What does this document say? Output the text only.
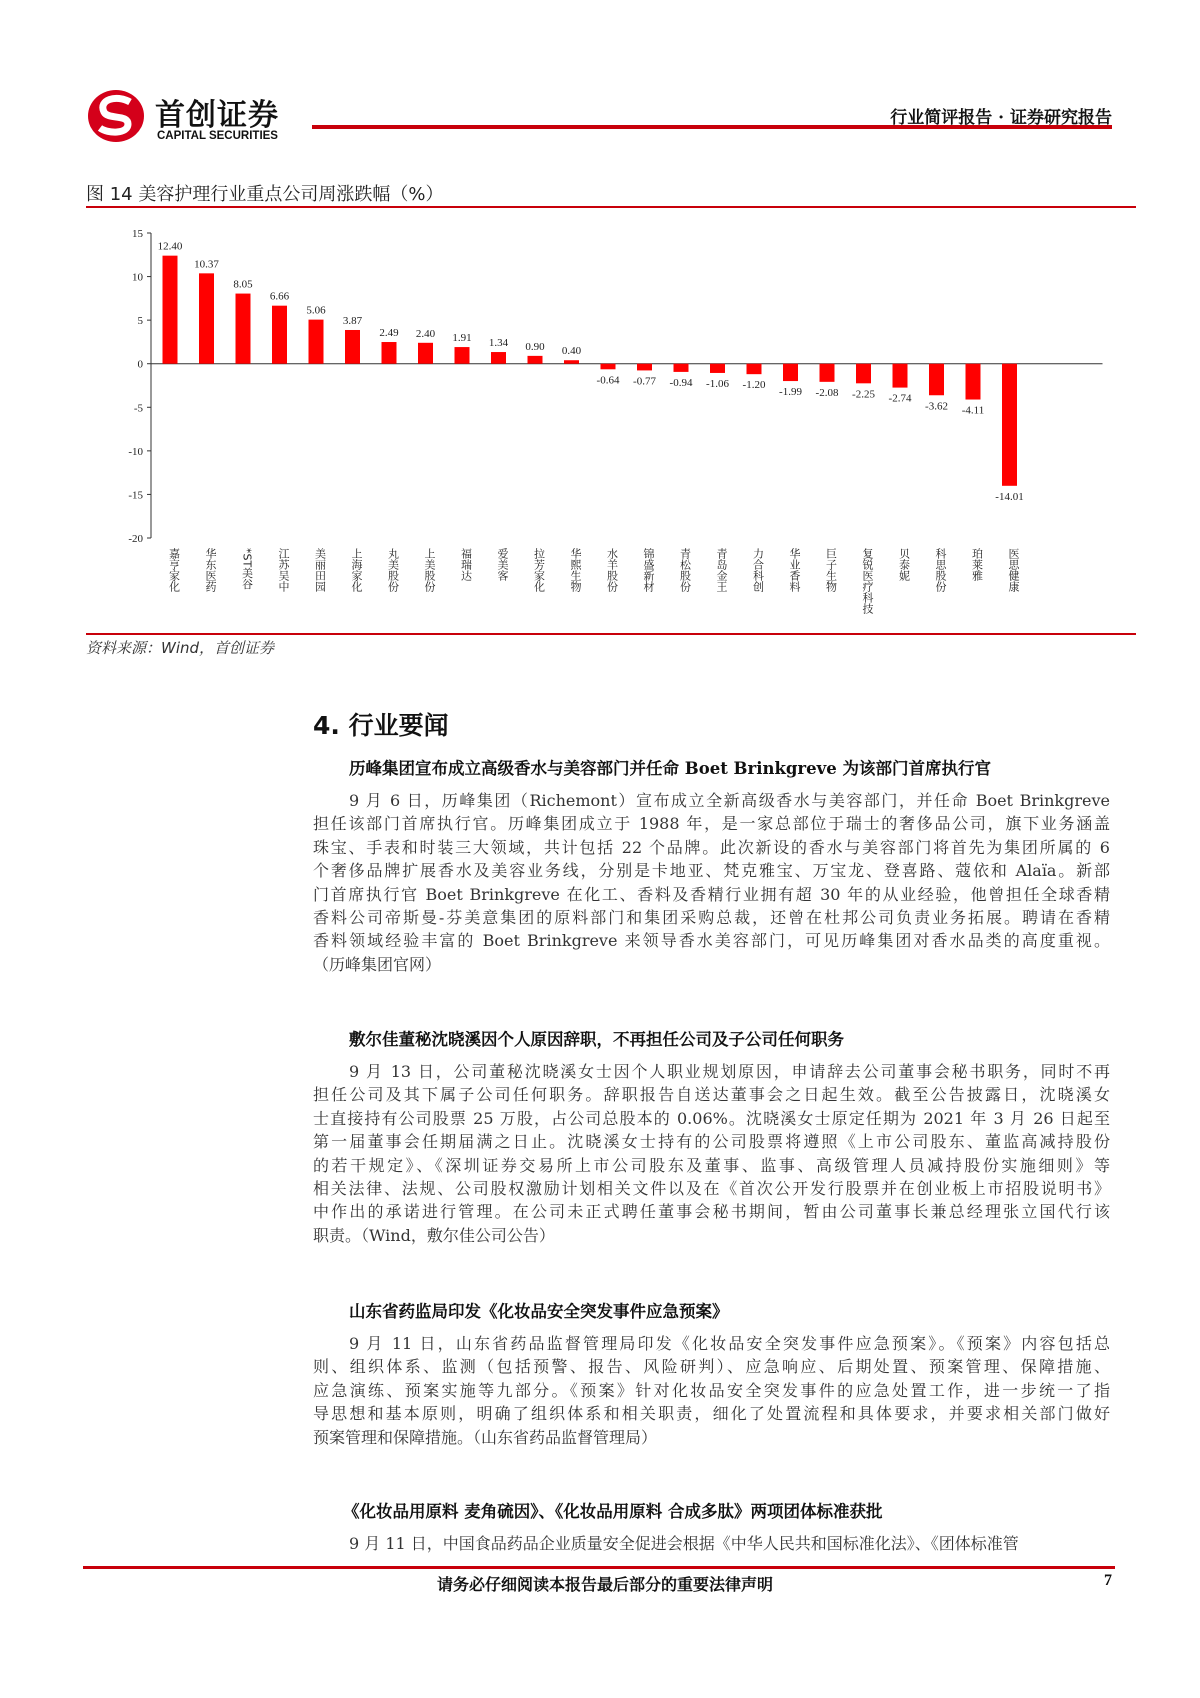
首创证券
CAPITAL SECURITIES
行业简评报告 · 证券研究报告
图 14 美容护理行业重点公司周涨跌幅（%）
15
10
5
0
-5
-10
-15
-20
12.40
嘉亨家化
10.37
华东医药
8.05
*ST美谷
6.66
江苏吴中
5.06
美丽田园
3.87
上海家化
2.49
丸美股份
2.40
上美股份
1.91
福瑞达
1.34
爱美客
0.90
拉芳家化
0.40
华熙生物
-0.64
水羊股份
-0.77
锦盛新材
-0.94
青松股份
-1.06
青岛金王
-1.20
力合科创
-1.99
华业香料
-2.08
巨子生物
-2.25
复锐医疗科技
-2.74
贝泰妮
-3.62
科思股份
-4.11
珀莱雅
-14.01
医思健康
资料来源：Wind，首创证券
4. 行业要闻
历峰集团宣布成立高级香水与美容部门并任命 Boet Brinkgreve 为该部门首席执行官
9 月 6 日，历峰集团（Richemont）宣布成立全新高级香水与美容部门，并任命 Boet Brinkgreve
担任该部门首席执行官。历峰集团成立于 1988 年，是一家总部位于瑞士的奢侈品公司，旗下业务涵盖
珠宝、手表和时装三大领域，共计包括 22 个品牌。此次新设的香水与美容部门将首先为集团所属的 6
个奢侈品牌扩展香水及美容业务线，分别是卡地亚、梵克雅宝、万宝龙、登喜路、蔻依和 Alaïa。新部
门首席执行官 Boet Brinkgreve 在化工、香料及香精行业拥有超 30 年的从业经验，他曾担任全球香精
香料公司帝斯曼-芬美意集团的原料部门和集团采购总裁，还曾在杜邦公司负责业务拓展。聘请在香精
香料领域经验丰富的 Boet Brinkgreve 来领导香水美容部门，可见历峰集团对香水品类的高度重视。
（历峰集团官网）
敷尔佳董秘沈晓溪因个人原因辞职，不再担任公司及子公司任何职务
9 月 13 日，公司董秘沈晓溪女士因个人职业规划原因，申请辞去公司董事会秘书职务，同时不再
担任公司及其下属子公司任何职务。辞职报告自送达董事会之日起生效。截至公告披露日，沈晓溪女
士直接持有公司股票 25 万股，占公司总股本的 0.06%。沈晓溪女士原定任期为 2021 年 3 月 26 日起至
第一届董事会任期届满之日止。沈晓溪女士持有的公司股票将遵照《上市公司股东、董监高减持股份
的若干规定》、《深圳证券交易所上市公司股东及董事、监事、高级管理人员减持股份实施细则》等
相关法律、法规、公司股权激励计划相关文件以及在《首次公开发行股票并在创业板上市招股说明书》
中作出的承诺进行管理。在公司未正式聘任董事会秘书期间，暂由公司董事长兼总经理张立国代行该
职责。（Wind，敷尔佳公司公告）
山东省药监局印发《化妆品安全突发事件应急预案》
9 月 11 日，山东省药品监督管理局印发《化妆品安全突发事件应急预案》。《预案》内容包括总
则、组织体系、监测（包括预警、报告、风险研判）、应急响应、后期处置、预案管理、保障措施、
应急演练、预案实施等九部分。《预案》针对化妆品安全突发事件的应急处置工作，进一步统一了指
导思想和基本原则，明确了组织体系和相关职责，细化了处置流程和具体要求，并要求相关部门做好
预案管理和保障措施。（山东省药品监督管理局）
《化妆品用原料 麦角硫因》、《化妆品用原料 合成多肽》两项团体标准获批
9 月 11 日，中国食品药品企业质量安全促进会根据《中华人民共和国标准化法》、《团体标准管
请务必仔细阅读本报告最后部分的重要法律声明	7
